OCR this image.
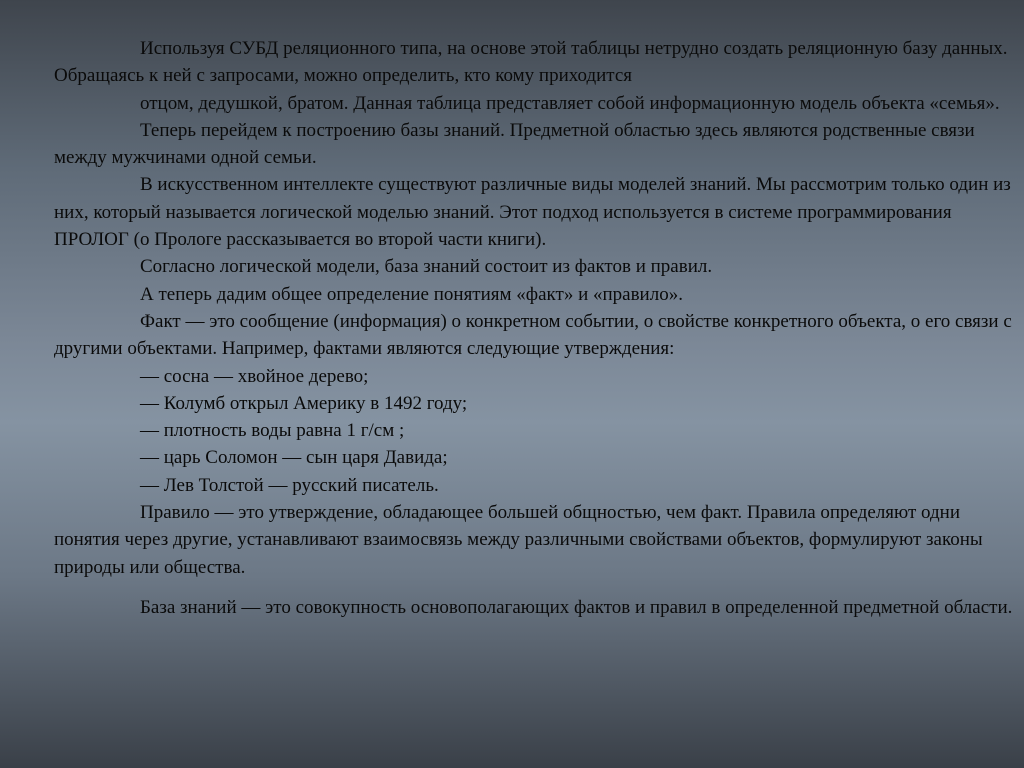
Используя СУБД реляционного типа, на основе этой таблицы нетрудно создать реляционную базу данных. Обращаясь к ней с запросами, можно определить, кто кому приходится

отцом, дедушкой, братом. Данная таблица представляет собой информационную модель объекта «семья».

Теперь перейдем к построению базы знаний. Предметной областью здесь являются родственные связи между мужчинами одной семьи.

В искусственном интеллекте существуют различные виды моделей знаний. Мы рассмотрим только один из них, который называется логической моделью знаний. Этот подход используется в системе программирования ПРОЛОГ (о Прологе рассказывается во второй части книги).

Согласно логической модели, база знаний состоит из фактов и правил.

А теперь дадим общее определение понятиям «факт» и «правило».

Факт — это сообщение (информация) о конкретном событии, о свойстве конкретного объекта, о его связи с другими объектами. Например, фактами являются следующие утверждения:

— сосна — хвойное дерево;

— Колумб открыл Америку в 1492 году;

— плотность воды равна 1 г/см ;

— царь Соломон — сын царя Давида;

— Лев Толстой — русский писатель.

Правило — это утверждение, обладающее большей общностью, чем факт. Правила определяют одни понятия через другие, устанавливают взаимосвязь между различными свойствами объектов, формулируют законы природы или общества.

База знаний — это совокупность основополагающих фактов и правил в определенной предметной области.
